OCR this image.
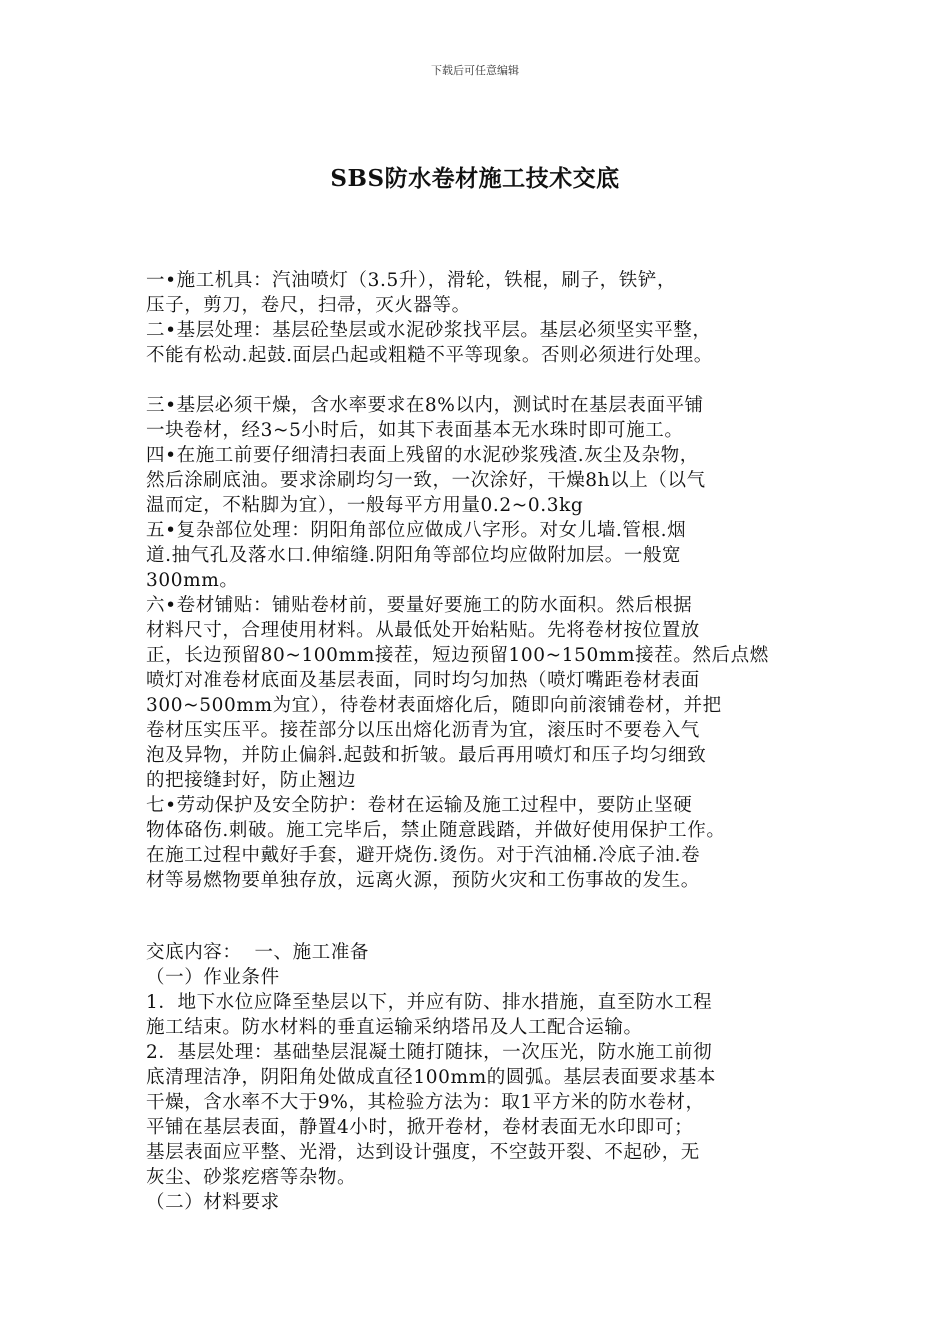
下载后可任意编辑
SBS防水卷材施工技术交底

一•施工机具：汽油喷灯（3.5升），滑轮，铁棍，刷子，铁铲，

压子，剪刀，卷尺，扫帚，灭火器等。

二•基层处理：基层砼垫层或水泥砂浆找平层。基层必须坚实平整，

不能有松动.起鼓.面层凸起或粗糙不平等现象。否则必须进行处理。

三•基层必须干燥，含水率要求在8%以内，测试时在基层表面平铺

一块卷材，经3~5小时后，如其下表面基本无水珠时即可施工。

四•在施工前要仔细清扫表面上残留的水泥砂浆残渣.灰尘及杂物，

然后涂刷底油。要求涂刷均匀一致，一次涂好，干燥8h以上（以气

温而定，不粘脚为宜），一般每平方用量0.2~0.3kg

五•复杂部位处理：阴阳角部位应做成八字形。对女儿墙.管根.烟

道.抽气孔及落水口.伸缩缝.阴阳角等部位均应做附加层。一般宽

300mm。

六•卷材铺贴：铺贴卷材前，要量好要施工的防水面积。然后根据

材料尺寸，合理使用材料。从最低处开始粘贴。先将卷材按位置放

正，长边预留80~100mm接茬，短边预留100~150mm接茬。然后点燃

喷灯对准卷材底面及基层表面，同时均匀加热（喷灯嘴距卷材表面

300~500mm为宜），待卷材表面熔化后，随即向前滚铺卷材，并把

卷材压实压平。接茬部分以压出熔化沥青为宜，滚压时不要卷入气

泡及异物，并防止偏斜.起鼓和折皱。最后再用喷灯和压子均匀细致

的把接缝封好，防止翘边

七•劳动保护及安全防护：卷材在运输及施工过程中，要防止坚硬

物体硌伤.刺破。施工完毕后，禁止随意践踏，并做好使用保护工作。

在施工过程中戴好手套，避开烧伤.烫伤。对于汽油桶.冷底子油.卷

材等易燃物要单独存放，远离火源，预防火灾和工伤事故的发生。

交底内容：  一、施工准备

（一）作业条件

1．地下水位应降至垫层以下，并应有防、排水措施，直至防水工程

施工结束。防水材料的垂直运输采纳塔吊及人工配合运输。

2．基层处理：基础垫层混凝土随打随抹，一次压光，防水施工前彻

底清理洁净，阴阳角处做成直径100mm的圆弧。基层表面要求基本

干燥，含水率不大于9%，其检验方法为：取1平方米的防水卷材，

平铺在基层表面，静置4小时，掀开卷材，卷材表面无水印即可；

基层表面应平整、光滑，达到设计强度，不空鼓开裂、不起砂，无

灰尘、砂浆疙瘩等杂物。

（二）材料要求
